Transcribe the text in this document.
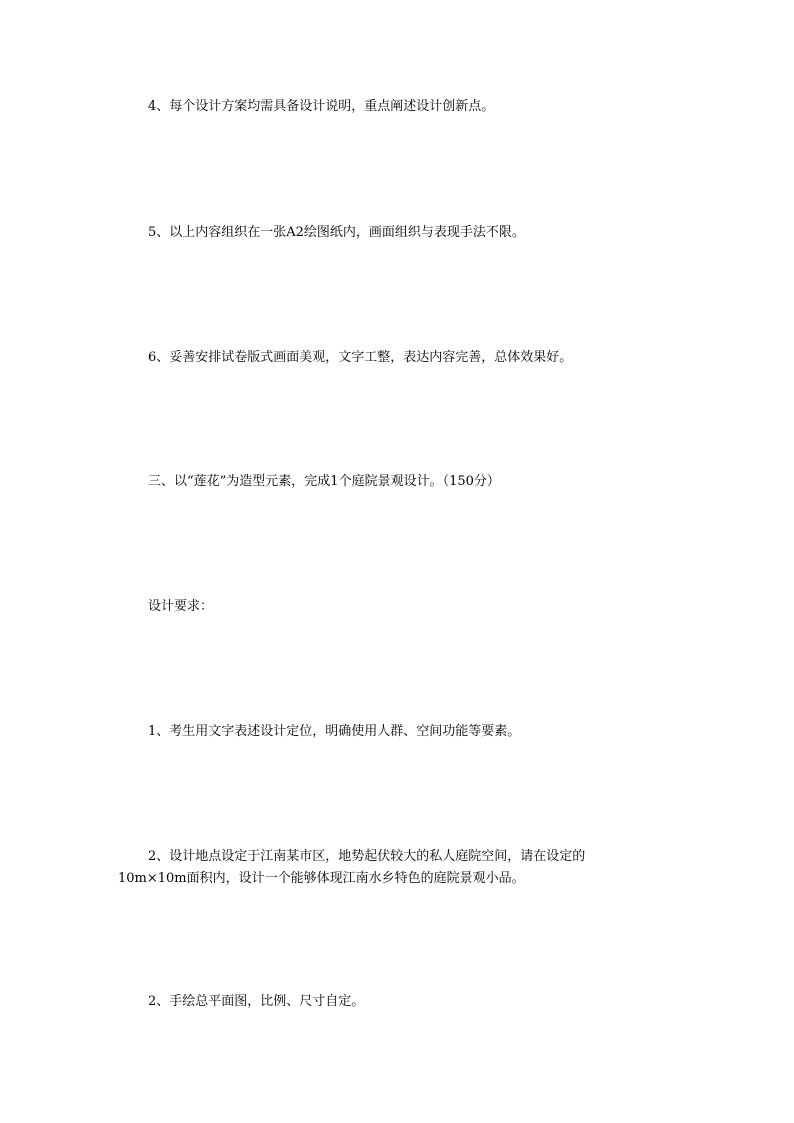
4、每个设计方案均需具备设计说明，重点阐述设计创新点。

5、以上内容组织在一张A2绘图纸内，画面组织与表现手法不限。

6、妥善安排试卷版式画面美观，文字工整，表达内容完善，总体效果好。

三、以“莲花”为造型元素，完成1个庭院景观设计。（150分）

设计要求：

1、考生用文字表述设计定位，明确使用人群、空间功能等要素。

2、设计地点设定于江南某市区，地势起伏较大的私人庭院空间，请在设定的10m×10m面积内，设计一个能够体现江南水乡特色的庭院景观小品。

2、手绘总平面图，比例、尺寸自定。
